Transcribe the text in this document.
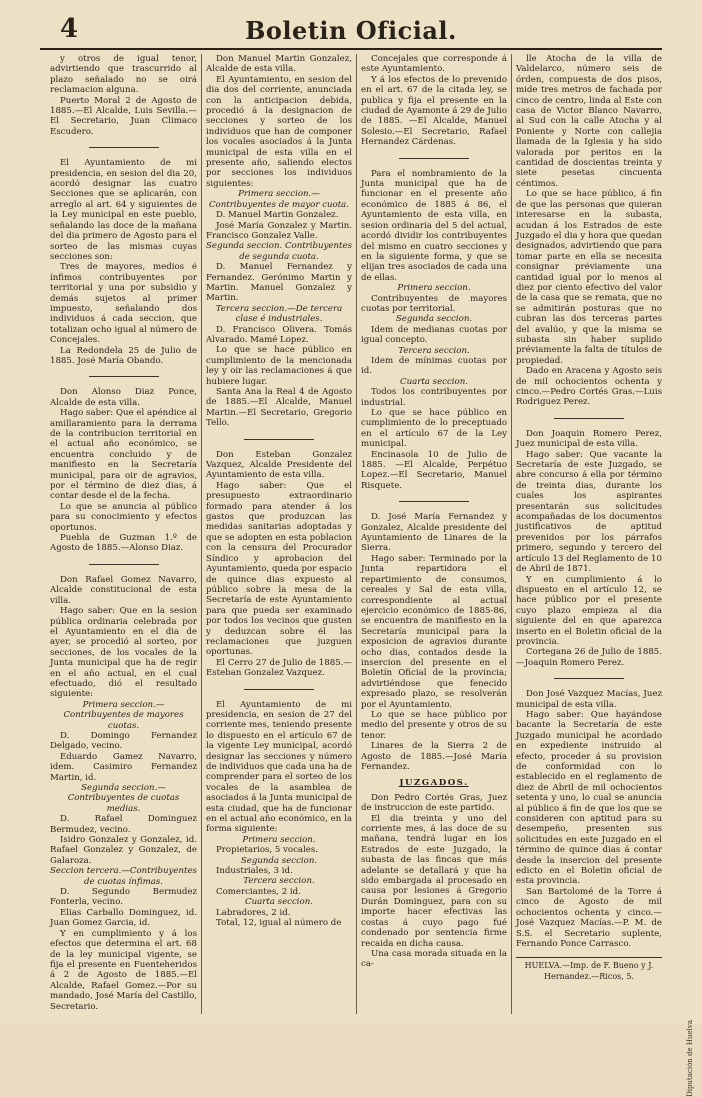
4	Boletin Oficial.

y otros de igual tenor, advirtiendo que trascurrido al plazo señalado no se oirá reclamacion alguna.

Puerto Moral 2 de Agosto de 1885.—El Alcalde, Luis Sevilla.—El Secretario, Juan Climaco Escudero.

El Ayuntamiento de mi presidencia, en sesion del dia 20, acordó designar las cuatro Secciones que se aplicarán, con arreglo al art. 64 y siguientes de la Ley municipal en este pueblo, señalando las doce de la mañana del dia primero de Agosto para el sorteo de las mismas cuyas secciones son:

Tres de mayores, medios é ínfimos contribuyentes por territorial y una por subsidio y demás sujetos al primer impuesto, señalando dos individuos á cada seccion, que totalizan ocho igual al número de Concejales.

La Redondela 25 de Julio de 1885. José María Obando.

Don Alonso Diaz Ponce, Alcalde de esta villa.

Hago saber: Que el apéndice al amillaramiento para la derrama de la contribucion territorial en el actual año económico, se encuentra concluido y de manifiesto en la Secretaría municipal, para oir de agravios, por el término de diez dias, á contar desde el de la fecha.

Lo que se anuncia al público para su conocimiento y efectos oportunos.

Puebla de Guzman 1.º de Agosto de 1885.—Alonso Diaz.

Don Rafael Gomez Navarro, Alcalde constitucional de esta villa.

Hago saber: Que en la sesion pública ordinaria celebrada por el Ayuntamiento en el dia de ayer, se procedió al sorteo, por secciones, de los vocales de la Junta municipal que ha de regir en el año actual, en el cual efectuado, dió el resultado siguiente:

Primera seccion.—Contribuyentes de mayores cuotas.

D. Domingo Fernandez Delgado, vecino.

Eduardo Gamez Navarro, idem. Casimiro Fernandez Martin, id.

Segunda seccion.—Contribuyentes de cuotas medias.

D. Rafael Dominguez Bermudez, vecino.

Isidro Gonzalez y Gonzalez, id. Rafael Gonzalez y Gonzalez, de Galaroza.

Seccion tercera.—Contribuyentes de cuotas ínfimas.

D. Segundo Bermudez Fonterla, vecino.

Elias Carballo Dominguez, id. Juan Gomez Garcia, id.

Y en cumplimiento y á los efectos que determina el art. 68 de la ley municipal vigente, se fija el presente en Fuenteheridos á 2 de Agosto de 1885.—El Alcalde, Rafael Gomez.—Por su mandado, José María del Castillo, Secretario.

Don Manuel Martin Gonzalez, Alcalde de esta villa.

El Ayuntamiento, en sesion del dia dos del corriente, anunciada con la anticipacion debida, procedió á la designacion de secciones y sorteo de los individuos que han de componer los vocales asociados á la Junta municipal de esta villa en el presente año, saliendo electos por secciones los individuos siguientes:

Primera seccion.—Contribuyentes de mayor cuota.

D. Manuel Martin Gonzalez.

José María Gonzalez y Martin. Francisco Gonzalez Valle.

Segunda seccion. Contribuyentes de segunda cuota.

D. Manuel Fernandez y Fernandez. Gerónimo Martin y Martin. Manuel Gonzalez y Martin.

Tercera seccion.—De tercera clase é industriales.

D. Francisco Olivera. Tomás Alvarado. Mamé Lopez.

Lo que se hace público en cumplimiento de la mencionada ley y oir las reclamaciones á que hubiere lugar.

Santa Ana la Real 4 de Agosto de 1885.—El Alcalde, Manuel Martin.—El Secretario, Gregorio Tello.

Don Esteban Gonzalez Vazquez, Alcalde Presidente del Ayuntamiento de esta villa.

Hago saber: Que el presupuesto extraordinario formado para atender á los gastos que produzcan las medidas sanitarias adoptadas y que se adopten en esta poblacion con la censura del Procurador Síndico y aprobacion del Ayuntamiento, queda por espacio de quince dias expuesto al público sobre la mesa de la Secretaría de este Ayuntamiento para que pueda ser examinado por todos los vecinos que gusten y deduzcan sobre él las reclamaciones que juzguen oportunas.

El Cerro 27 de Julio de 1885.—Esteban Gonzalez Vazquez.

El Ayuntamiento de mi presidencia, en sesion de 27 del corriente mes, teniendo presente lo dispuesto en el artículo 67 de la vigente Ley municipal, acordó designar las secciones y número de individuos que cada una ha de comprender para el sorteo de los vocales de la asamblea de asociados á la Junta municipal de esta ciudad, que ha de funcionar en el actual año económico, en la forma siguiente:

Primera seccion.

Propietarios, 5 vocales.

Segunda seccion.

Industriales, 3 id.

Tercera seccion.

Comerciantes, 2 id.

Cuarta seccion.

Labradores, 2 id.

Total, 12, igual al número de

Concejales que corresponde á este Ayuntamiento.

Y á los efectos de lo prevenido en el art. 67 de la citada ley, se publica y fija el presente en la ciudad de Ayamonte á 29 de Julio de 1885. —El Alcalde, Manuel Solesio.—El Secretario, Rafael Hernandez Cárdenas.

Para el nombramiento de la Junta municipal que ha de funcionar en el presente año económico de 1885 á 86, el Ayuntamiento de esta villa, en sesion ordinaria del 5 del actual, acordó dividir los contribuyentes del mismo en cuatro secciones y en la siguiente forma, y que se elijan tres asociados de cada una de ellas.

Primera seccion.

Contribuyentes de mayores cuotas por territorial.

Segunda seccion.

Idem de medianas cuotas por igual concepto.

Tercera seccion.

Idem de mínimas cuotas por id.

Cuarta seccion.

Todos los contribuyentes por industrial.

Lo que se hace público en cumplimiento de lo preceptuado en el artículo 67 de la Ley municipal.

Encinasola 10 de Julio de 1885. —El Alcalde, Perpétuo Lopez.—El Secretario, Manuel Risquete.

D. José María Fernandez y Gonzalez, Alcalde presidente del Ayuntamiento de Linares de la Sierra.

Hago saber: Terminado por la Junta repartidora el repartimiento de consumos, cereales y Sal de esta villa, correspondiente al actual ejercicio económico de 1885-86, se encuentra de manifiesto en la Secretaría municipal para la exposicion de agravios durante ocho dias, contados desde la insercion del presente en el Boletín Oficial de la provincia; advirtiéndose que fenecido expresado plazo, se resolverán por el Ayuntamiento.

Lo que se hace público por medio del presente y otros de su tenor.

Linares de la Sierra 2 de Agosto de 1885.—José María Fernandez.

JUZGADOS.

Don Pedro Cortés Gras, Juez de instruccion de este partido.

El dia treinta y uno del corriente mes, á las doce de su mañana, tendrá lugar en los Estrados de este Juzgado, la subasta de las fincas que más adelante se detallará y que ha sido embargada al procesado en causa por lesiones á Gregorio Durán Dominguez, para con su importe hacer efectivas las costas á cuyo pago fué condenado por sentencia firme recaida en dicha causa.

Una casa morada situada en la ca-

lle Atocha de la villa de Valdelarco, número seis de órden, compuesta de dos pisos, mide tres metros de fachada por cinco de centro, linda al Este con casa de Victor Blanco Navarro, al Sud con la calle Atocha y al Poniente y Norte con callejia llamada de la Iglesia y ha sido valorada por peritos en la cantidad de doscientas treinta y siete pesetas cincuenta céntimos.

Lo que se hace público, á fin de que las personas que quieran interesarse en la subasta, acudan á los Estrados de este Juzgado el dia y hora que quedan designados, advirtiendo que para tomar parte en ella se necesita consignar préviamente una cantidad igual por lo menos al diez por ciento efectivo del valor de la casa que se remata, que no se admitirán posturas que no cubran las dos terceras partes del avalúo, y que la misma se subasta sin haber suplido préviamente la falta de títulos de propiedad.

Dado en Aracena y Agosto seis de mil ochocientos ochenta y cinco.—Pedro Cortés Gras.—Luis Rodriguez Perez.

Don Joaquin Romero Perez, Juez municipal de esta villa.

Hago saber: Que vacante la Secretaría de este Juzgado, se abre concurso á ella por término de treinta dias, durante los cuales los aspirantes presentarán sus solicitudes acompañadas de los documentos justificativos de aptitud prevenidos por los párrafos primero, segundo y tercero del artículo 13 del Reglamento de 10 de Abril de 1871.

Y en cumplimiento á lo dispuesto en el artículo 12, se hace público por el presente cuyo plazo empieza al dia siguiente del en que aparezca inserto en el Boletin oficial de la provincia.

Cortegana 26 de Julio de 1885.—Joaquin Romero Perez.

Don José Vazquez Macías, Juez municipal de esta villa.

Hago saber: Que hayándose bacante la Secretaría de este Juzgado municipal he acordado en expediente instruido al efecto, proceder á su provision de conformidad con lo establecido en el reglamento de diez de Abril de mil ochocientos setenta y uno, lo cual se anuncia al público á fin de que los que se consideren con aptitud para su desempeño, presenten sus solicitudes en este Juzgado en el término de quince dias á contar desde la insercion del presente edicto en el Boletin oficial de esta provincia.

San Bartolomé de la Torre á cinco de Agosto de mil ochocientos ochenta y cinco.—José Vazquez Macías.—P. M. de S.S. el Secretario suplente, Fernando Ponce Carrasco.

HUELVA.—Imp. de F. Bueno y J. Hernandez.—Ricos, 5.
Diputación de Huelva
